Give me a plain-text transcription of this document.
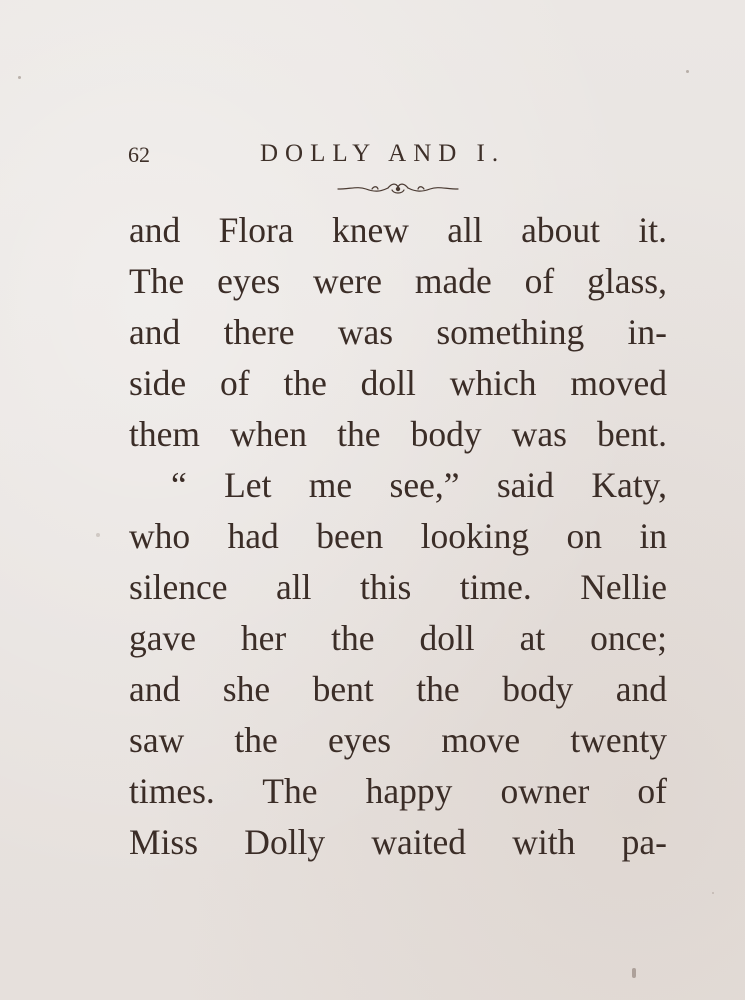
62	DOLLY AND I.
and Flora knew all about it.
The eyes were made of glass,
and there was something in-
side of the doll which moved
them when the body was bent.
“ Let me see,” said Katy,
who had been looking on in
silence all this time. Nellie
gave her the doll at once;
and she bent the body and
saw the eyes move twenty
times. The happy owner of
Miss Dolly waited with pa-
